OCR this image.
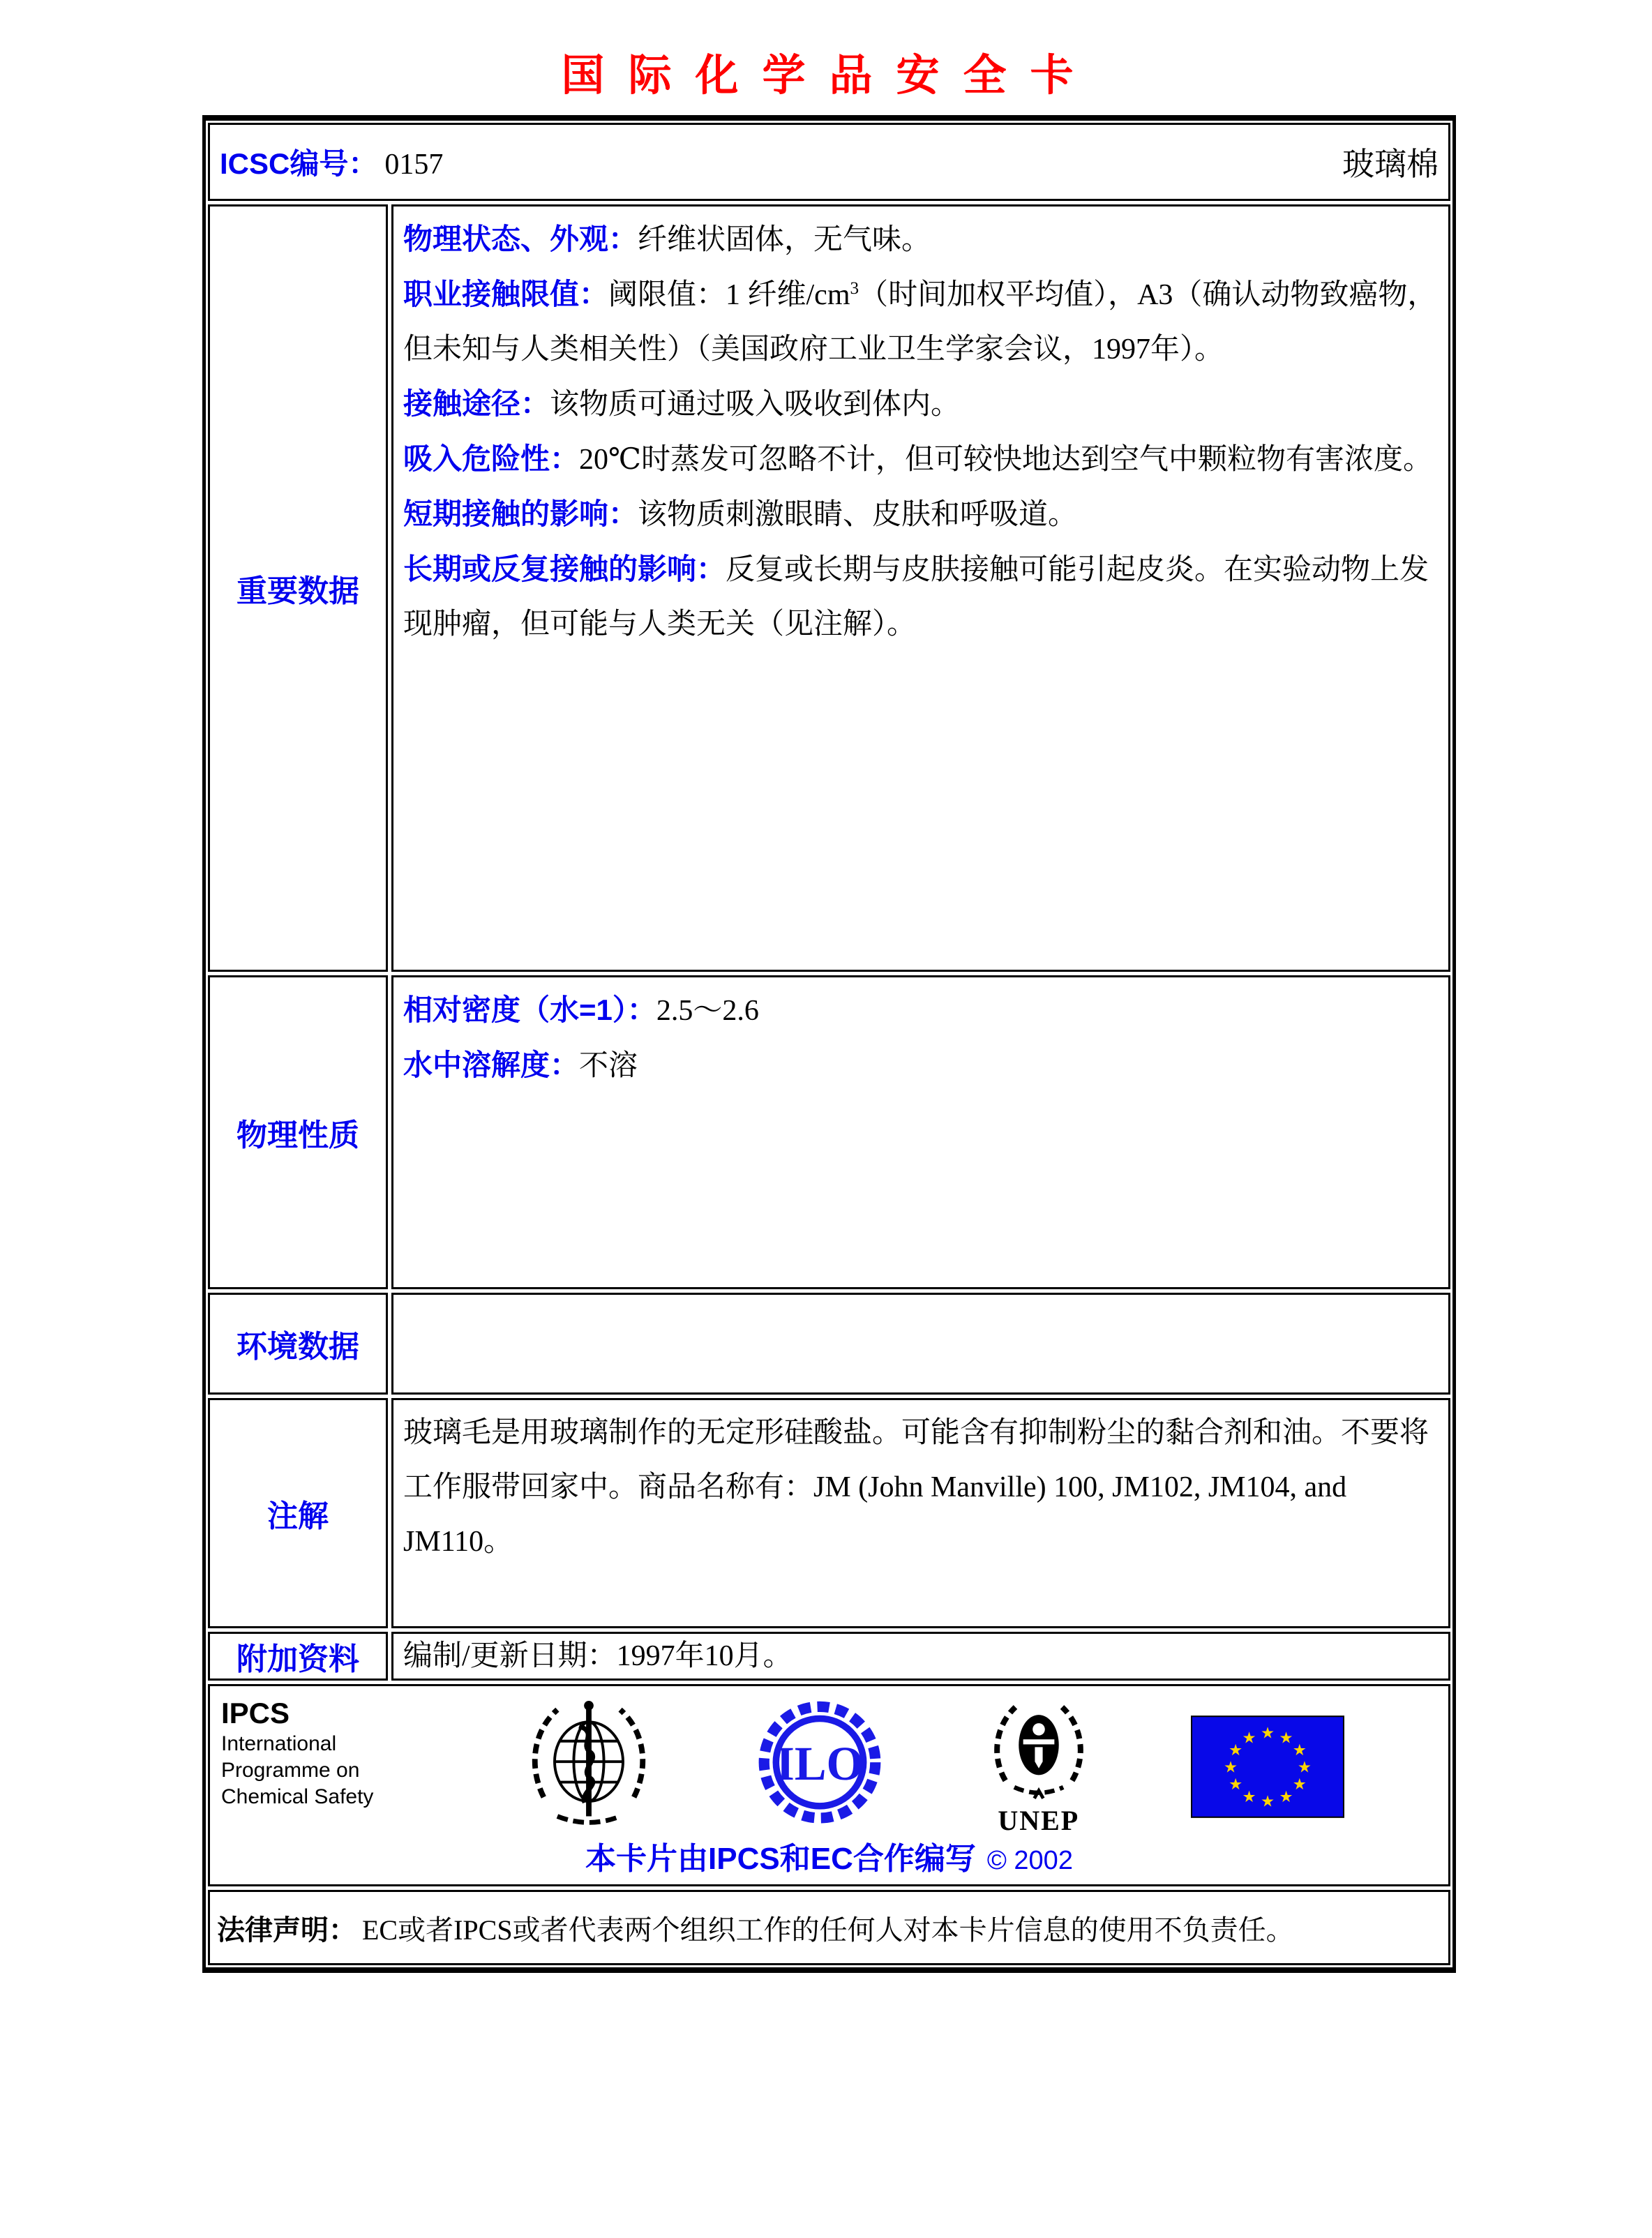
国际化学品安全卡
ICSC编号： 0157	玻璃棉
重要数据

物理状态、外观：纤维状固体，无气味。

职业接触限值：阈限值：1 纤维$/cm^3$（时间加权平均值），A3（确认动物致癌物，但未知与人类相关性）（美国政府工业卫生学家会议，1997年）。

接触途径：该物质可通过吸入吸收到体内。

吸入危险性：20℃时蒸发可忽略不计，但可较快地达到空气中颗粒物有害浓度。

短期接触的影响：该物质刺激眼睛、皮肤和呼吸道。

长期或反复接触的影响：反复或长期与皮肤接触可能引起皮炎。在实验动物上发现肿瘤，但可能与人类无关（见注解）。

物理性质

相对密度（水=1）：2.5～2.6

水中溶解度：不溶

环境数据
注解

玻璃毛是用玻璃制作的无定形硅酸盐。可能含有抑制粉尘的黏合剂和油。不要将工作服带回家中。商品名称有：JM (John Manville) 100, JM102, JM104, and JM110。

附加资料	编制/更新日期：1997年10月。
IPCS
International
Programme on
Chemical Safety
ILO
UNEP
★ ★
★
★
★
★
★
★
★
★
★
★
本卡片由IPCS和EC合作编写 © 2002
法律声明： EC或者IPCS或者代表两个组织工作的任何人对本卡片信息的使用不负责任。
